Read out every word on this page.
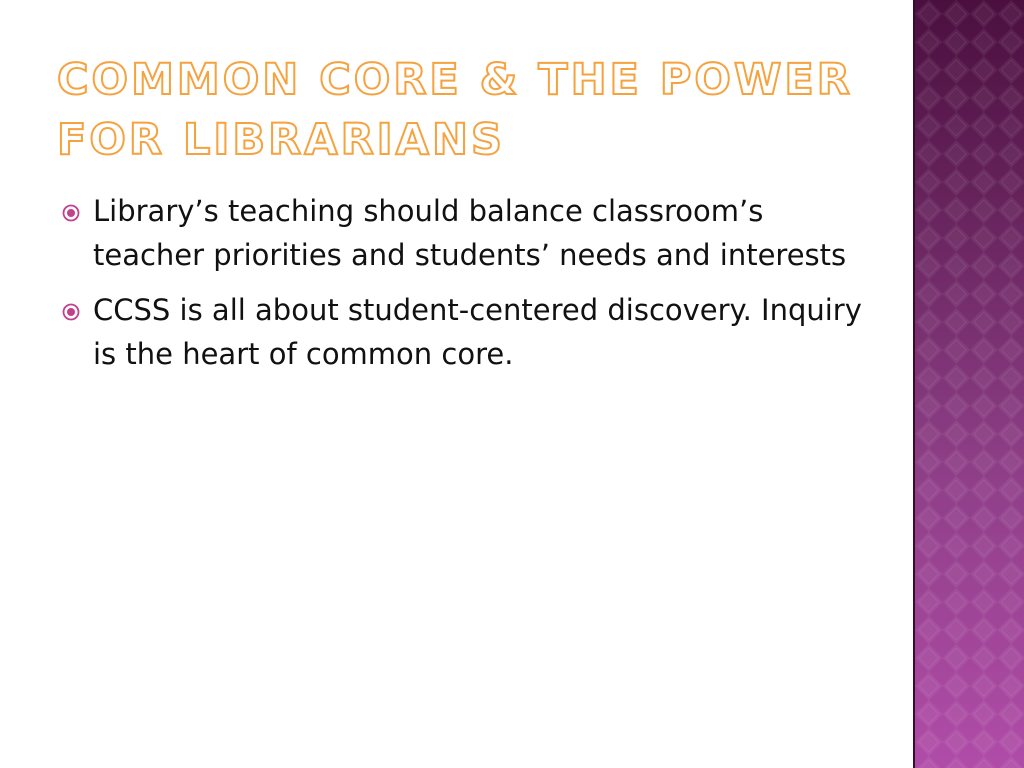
COMMON CORE & THE POWER FOR LIBRARIANS
Library’s teaching should balance classroom’s teacher priorities and students’ needs and interests
CCSS is all about student-centered discovery. Inquiry is the heart of common core.
